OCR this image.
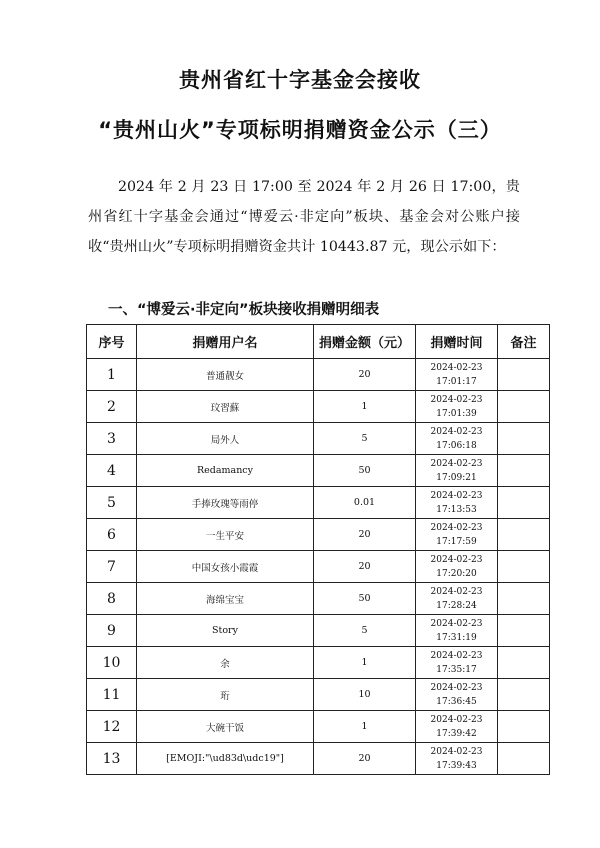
贵州省红十字基金会接收
“贵州山火”专项标明捐赠资金公示（三）
2024 年 2 月 23 日 17:00 至 2024 年 2 月 26 日 17:00，贵州省红十字基金会通过“博爱云·非定向”板块、基金会对公账户接收“贵州山火”专项标明捐赠资金共计 10443.87 元，现公示如下：
一、“博爱云·非定向”板块接收捐赠明细表
序号	捐赠用户名	捐赠金额（元）	捐赠时间	备注
1	普通靓女	20	2024-02-23
17:01:17	

2	玟習蘇	1	2024-02-23
17:01:39	

3	局外人	5	2024-02-23
17:06:18	

4	Redamancy	50	2024-02-23
17:09:21	

5	手捧玫瑰等雨停	0.01	2024-02-23
17:13:53	

6	一生平安	20	2024-02-23
17:17:59	

7	中国女孩小霞霞	20	2024-02-23
17:20:20	

8	海绵宝宝	50	2024-02-23
17:28:24	

9	Story	5	2024-02-23
17:31:19	

10	余	1	2024-02-23
17:35:17	

11	珩	10	2024-02-23
17:36:45	

12	大碗干饭	1	2024-02-23
17:39:42	

13	[EMOJI:"\ud83d\udc19"]	20	2024-02-23
17:39:43	
